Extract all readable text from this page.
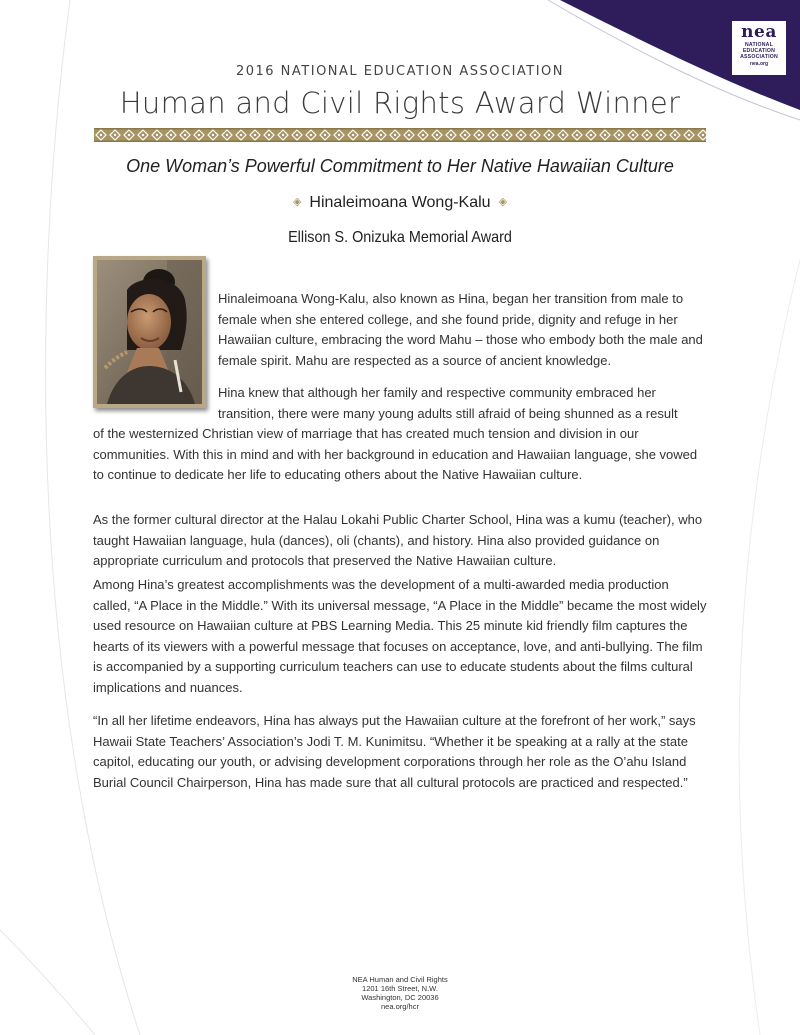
nea
NATIONAL
EDUCATION
ASSOCIATION
nea.org
2016 NATIONAL EDUCATION ASSOCIATION
Human and Civil Rights Award Winner
One Woman’s Powerful Commitment to Her Native Hawaiian Culture
◈ Hinaleimoana Wong-Kalu ◈
Ellison S. Onizuka Memorial Award

Hinaleimoana Wong-Kalu, also known as Hina, began her transition from male to female when she entered college, and she found pride, dignity and refuge in her Hawaiian culture, embracing the word Mahu – those who embody both the male and female spirit. Mahu are respected as a source of ancient knowledge.

Hina knew that although her family and respective community embraced her transition, there were many young adults still afraid of being shunned as a result

of the westernized Christian view of marriage that has created much tension and division in our communities. With this in mind and with her background in education and Hawaiian language, she vowed to continue to dedicate her life to educating others about the Native Hawaiian culture.

As the former cultural director at the Halau Lokahi Public Charter School, Hina was a kumu (teacher), who taught Hawaiian language, hula (dances), oli (chants), and history. Hina also provided guidance on appropriate curriculum and protocols that preserved the Native Hawaiian culture.

Among Hina’s greatest accomplishments was the development of a multi-awarded media production called, “A Place in the Middle.” With its universal message, “A Place in the Middle” became the most widely used resource on Hawaiian culture at PBS Learning Media. This 25 minute kid friendly film captures the hearts of its viewers with a powerful message that focuses on acceptance, love, and anti-bullying. The film is accompanied by a supporting curriculum teachers can use to educate students about the films cultural implications and nuances.

“In all her lifetime endeavors, Hina has always put the Hawaiian culture at the forefront of her work,” says Hawaii State Teachers’ Association’s Jodi T. M. Kunimitsu. “Whether it be speaking at a rally at the state capitol, educating our youth, or advising development corporations through her role as the O’ahu Island Burial Council Chairperson, Hina has made sure that all cultural protocols are practiced and respected.”

NEA Human and Civil Rights
1201 16th Street, N.W.
Washington, DC 20036
nea.org/hcr
